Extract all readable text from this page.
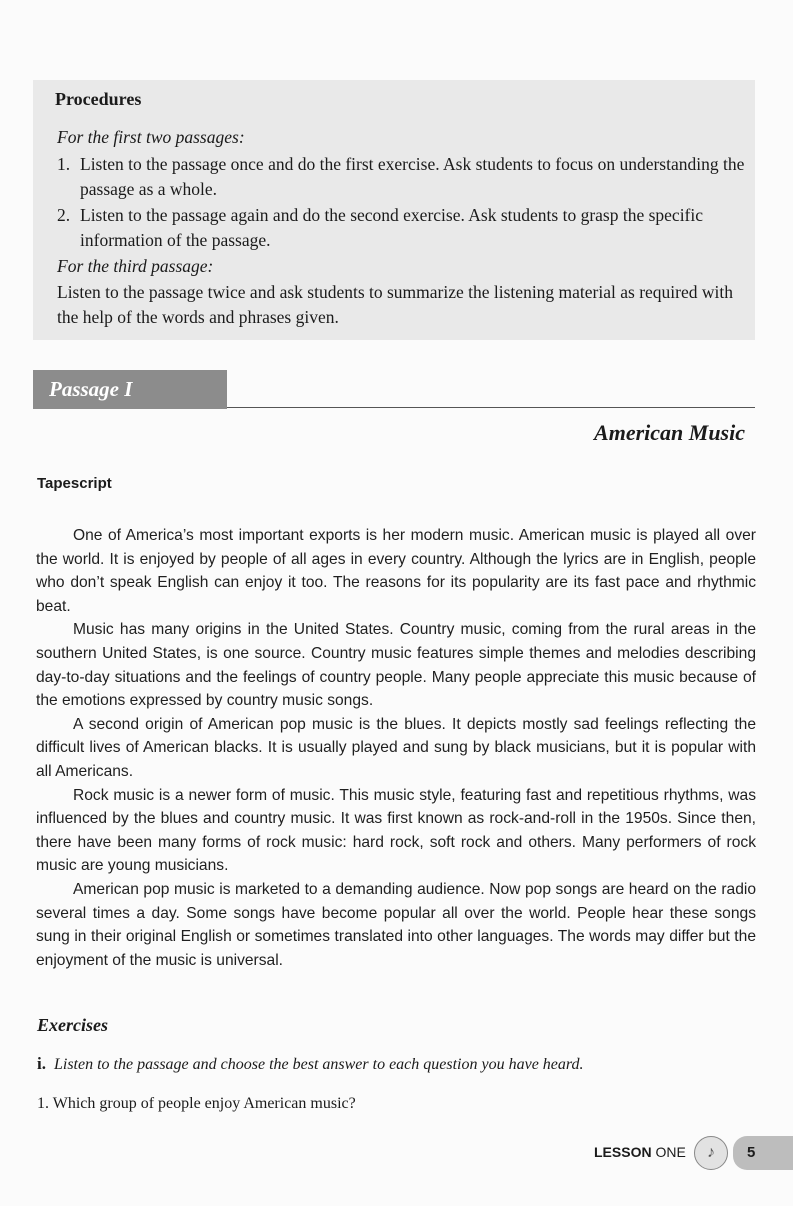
Procedures
For the first two passages:
1. Listen to the passage once and do the first exercise. Ask students to focus on understanding the passage as a whole.
2. Listen to the passage again and do the second exercise. Ask students to grasp the specific information of the passage.
For the third passage:
Listen to the passage twice and ask students to summarize the listening material as required with the help of the words and phrases given.
Passage I
American Music
Tapescript

One of America’s most important exports is her modern music. American music is played all over the world. It is enjoyed by people of all ages in every country. Although the lyrics are in English, people who don’t speak English can enjoy it too. The reasons for its popularity are its fast pace and rhythmic beat.

Music has many origins in the United States. Country music, coming from the rural areas in the southern United States, is one source. Country music features simple themes and melodies describing day-to-day situations and the feelings of country people. Many people appreciate this music because of the emotions expressed by country music songs.

A second origin of American pop music is the blues. It depicts mostly sad feelings reflecting the difficult lives of American blacks. It is usually played and sung by black musicians, but it is popular with all Americans.

Rock music is a newer form of music. This music style, featuring fast and repetitious rhythms, was influenced by the blues and country music. It was first known as rock-and-roll in the 1950s. Since then, there have been many forms of rock music: hard rock, soft rock and others. Many performers of rock music are young musicians.

American pop music is marketed to a demanding audience. Now pop songs are heard on the radio several times a day. Some songs have become popular all over the world. People hear these songs sung in their original English or sometimes translated into other languages. The words may differ but the enjoyment of the music is universal.

Exercises
i. Listen to the passage and choose the best answer to each question you have heard.
1. Which group of people enjoy American music?
LESSON ONE	♪	5
